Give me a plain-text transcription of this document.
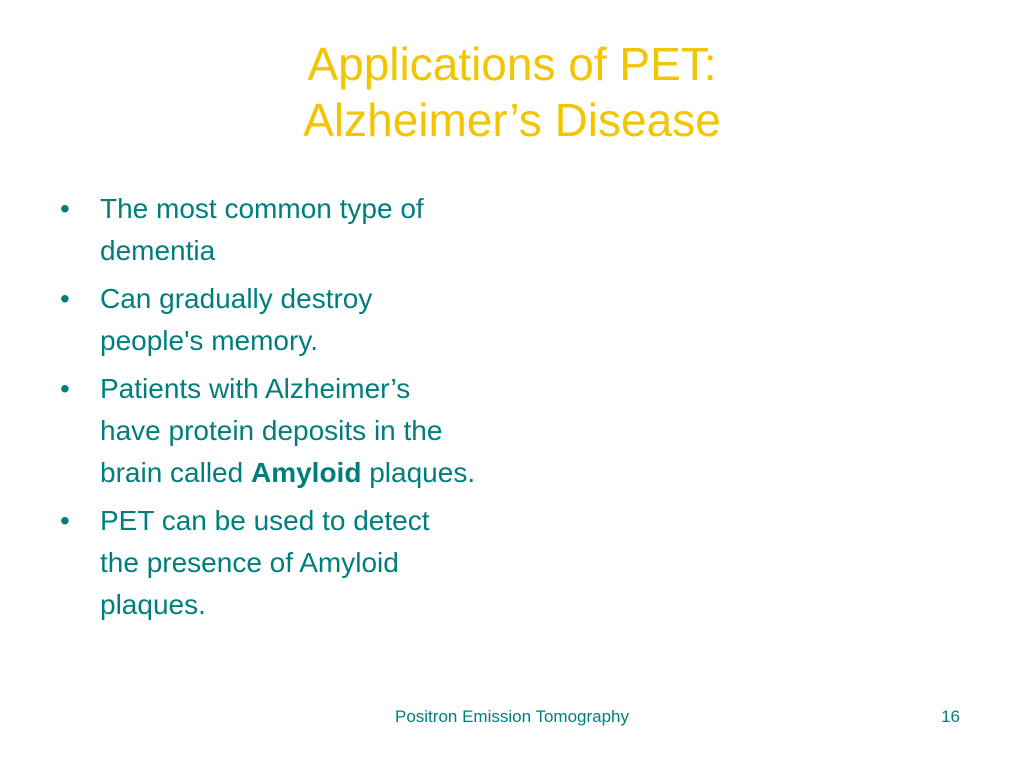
Applications of PET:
Alzheimer’s Disease
• The most common type of
dementia
• Can gradually destroy
people's memory.
• Patients with Alzheimer’s
have protein deposits in the
brain called Amyloid plaques.
• PET can be used to detect
the presence of Amyloid
plaques.
Positron Emission Tomography	16
